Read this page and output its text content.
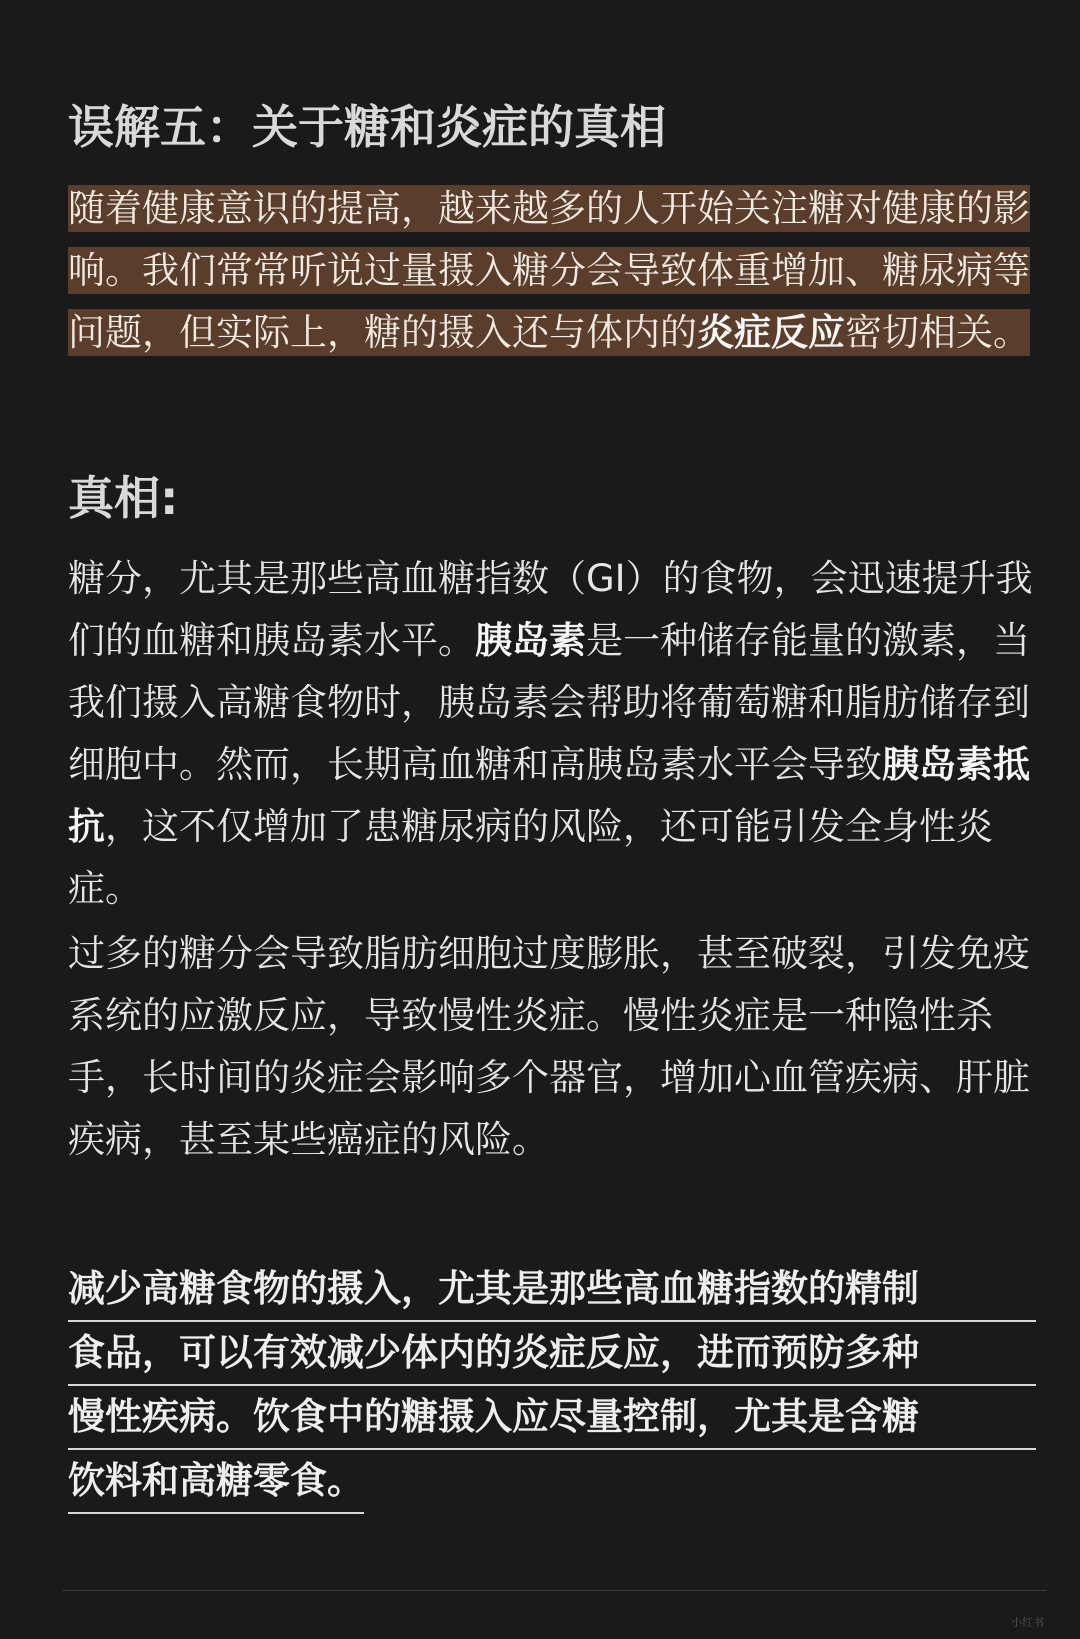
误解五：关于糖和炎症的真相

随着健康意识的提高，越来越多的人开始关注糖对健康的影响。我们常常听说过量摄入糖分会导致体重增加、糖尿病等问题，但实际上，糖的摄入还与体内的炎症反应密切相关。

真相:

糖分，尤其是那些高血糖指数（GI）的食物，会迅速提升我们的血糖和胰岛素水平。胰岛素是一种储存能量的激素，当我们摄入高糖食物时，胰岛素会帮助将葡萄糖和脂肪储存到细胞中。然而，长期高血糖和高胰岛素水平会导致胰岛素抵抗，这不仅增加了患糖尿病的风险，还可能引发全身性炎症。

过多的糖分会导致脂肪细胞过度膨胀，甚至破裂，引发免疫系统的应激反应，导致慢性炎症。慢性炎症是一种隐性杀手，长时间的炎症会影响多个器官，增加心血管疾病、肝脏疾病，甚至某些癌症的风险。

减少高糖食物的摄入，尤其是那些高血糖指数的精制
食品，可以有效减少体内的炎症反应，进而预防多种
慢性疾病。饮食中的糖摄入应尽量控制，尤其是含糖
饮料和高糖零食。

小红书
